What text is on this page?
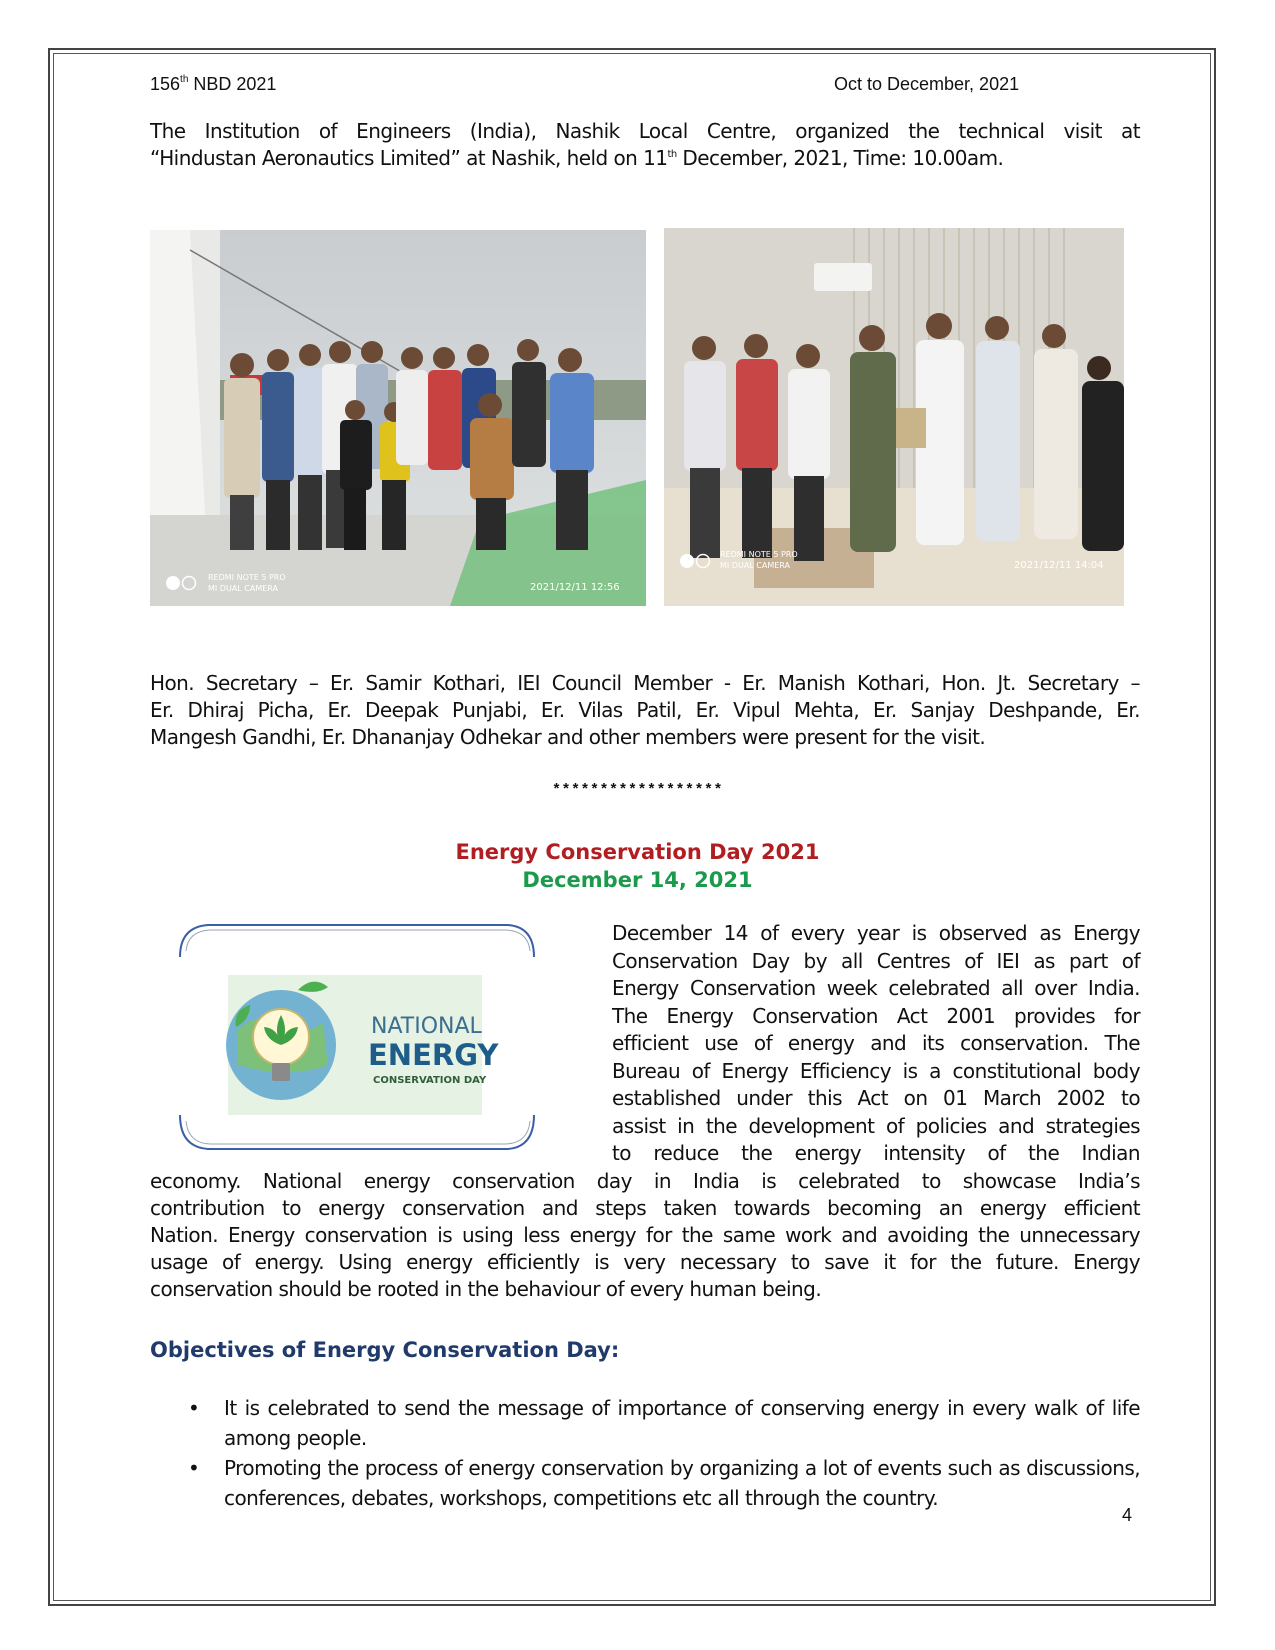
156th NBD 2021	Oct to December, 2021
The Institution of Engineers (India), Nashik Local Centre, organized the technical visit at
“Hindustan Aeronautics Limited” at Nashik, held on 11th December, 2021, Time: 10.00am.
REDMI NOTE 5 PRO
MI DUAL CAMERA	2021/12/11 12:56
REDMI NOTE 5 PRO
MI DUAL CAMERA	2021/12/11 14:04
Hon. Secretary – Er. Samir Kothari, IEI Council Member - Er. Manish Kothari, Hon. Jt. Secretary –
Er. Dhiraj Picha, Er. Deepak Punjabi, Er. Vilas Patil, Er. Vipul Mehta, Er. Sanjay Deshpande, Er.
Mangesh Gandhi, Er. Dhananjay Odhekar and other members were present for the visit.
******************
Energy Conservation Day 2021
December 14, 2021
NATIONAL
ENERGY
CONSERVATION DAY
December 14 of every year is observed as Energy
Conservation Day by all Centres of IEI as part of
Energy Conservation week celebrated all over India.
The Energy Conservation Act 2001 provides for
efficient use of energy and its conservation. The
Bureau of Energy Efficiency is a constitutional body
established under this Act on 01 March 2002 to
assist in the development of policies and strategies
to reduce the energy intensity of the Indian
economy. National energy conservation day in India is celebrated to showcase India’s
contribution to energy conservation and steps taken towards becoming an energy efficient
Nation. Energy conservation is using less energy for the same work and avoiding the unnecessary
usage of energy. Using energy efficiently is very necessary to save it for the future. Energy
conservation should be rooted in the behaviour of every human being.
Objectives of Energy Conservation Day:
• It is celebrated to send the message of importance of conserving energy in every walk of life among people.
• Promoting the process of energy conservation by organizing a lot of events such as discussions, conferences, debates, workshops, competitions etc all through the country.
4
